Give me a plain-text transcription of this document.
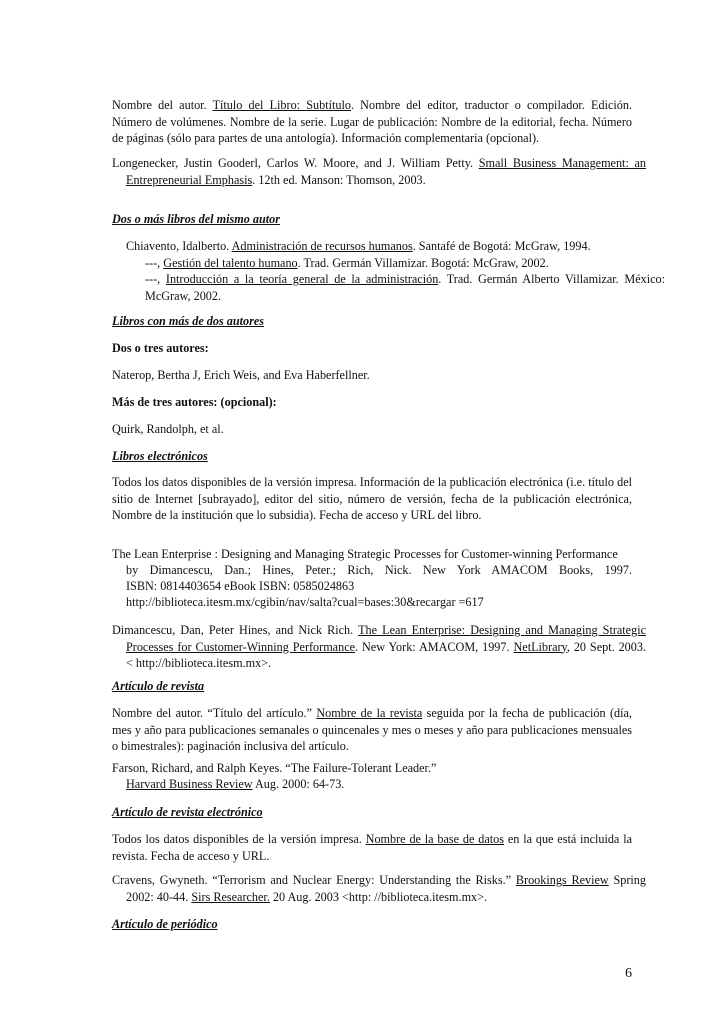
Nombre del autor. Título del Libro: Subtítulo. Nombre del editor, traductor o compilador. Edición. Número de volúmenes. Nombre de la serie. Lugar de publicación: Nombre de la editorial, fecha. Número de páginas (sólo para partes de una antología). Información complementaria (opcional).

Longenecker, Justin Gooderl, Carlos W. Moore, and J. William Petty. Small Business Management: an Entrepreneurial Emphasis. 12th ed. Manson: Thomson, 2003.

Dos o más libros del mismo autor

Chiavento, Idalberto. Administración de recursos humanos. Santafé de Bogotá: McGraw, 1994.
---, Gestión del talento humano. Trad. Germán Villamizar. Bogotá: McGraw, 2002.
---, Introducción a la teoría general de la administración. Trad. Germán Alberto Villamizar. México: McGraw, 2002.

Libros con más de dos autores

Dos o tres autores:

Naterop, Bertha J, Erich Weis, and Eva Haberfellner.

Más de tres autores: (opcional):

Quirk, Randolph, et al.

Libros electrónicos

Todos los datos disponibles de la versión impresa. Información de la publicación electrónica (i.e. título del sitio de Internet [subrayado], editor del sitio, número de versión, fecha de la publicación electrónica, Nombre de la institución que lo subsidia). Fecha de acceso y URL del libro.

The Lean Enterprise : Designing and Managing Strategic Processes for Customer-winning Performance

by Dimancescu, Dan.; Hines, Peter.; Rich, Nick. New York AMACOM Books, 1997.

ISBN: 0814403654 eBook ISBN: 0585024863

http://biblioteca.itesm.mx/cgibin/nav/salta?cual=bases:30&recargar =617

Dimancescu, Dan, Peter Hines, and Nick Rich. The Lean Enterprise: Designing and Managing Strategic Processes for Customer-Winning Performance. New York: AMACOM, 1997. NetLibrary, 20 Sept. 2003. < http://biblioteca.itesm.mx>.

Artículo de revista

Nombre del autor. “Título del artículo.” Nombre de la revista seguida por la fecha de publicación (día, mes y año para publicaciones semanales o quincenales y mes o meses y año para publicaciones mensuales o bimestrales): paginación inclusiva del artículo.

Farson, Richard, and Ralph Keyes. “The Failure-Tolerant Leader.”

Harvard Business Review Aug. 2000: 64-73.

Artículo de revista electrónico

Todos los datos disponibles de la versión impresa. Nombre de la base de datos en la que está incluida la revista. Fecha de acceso y URL.

Cravens, Gwyneth. “Terrorism and Nuclear Energy: Understanding the Risks.” Brookings Review Spring 2002: 40-44. Sirs Researcher. 20 Aug. 2003 <http: //biblioteca.itesm.mx>.

Artículo de periódico

6
